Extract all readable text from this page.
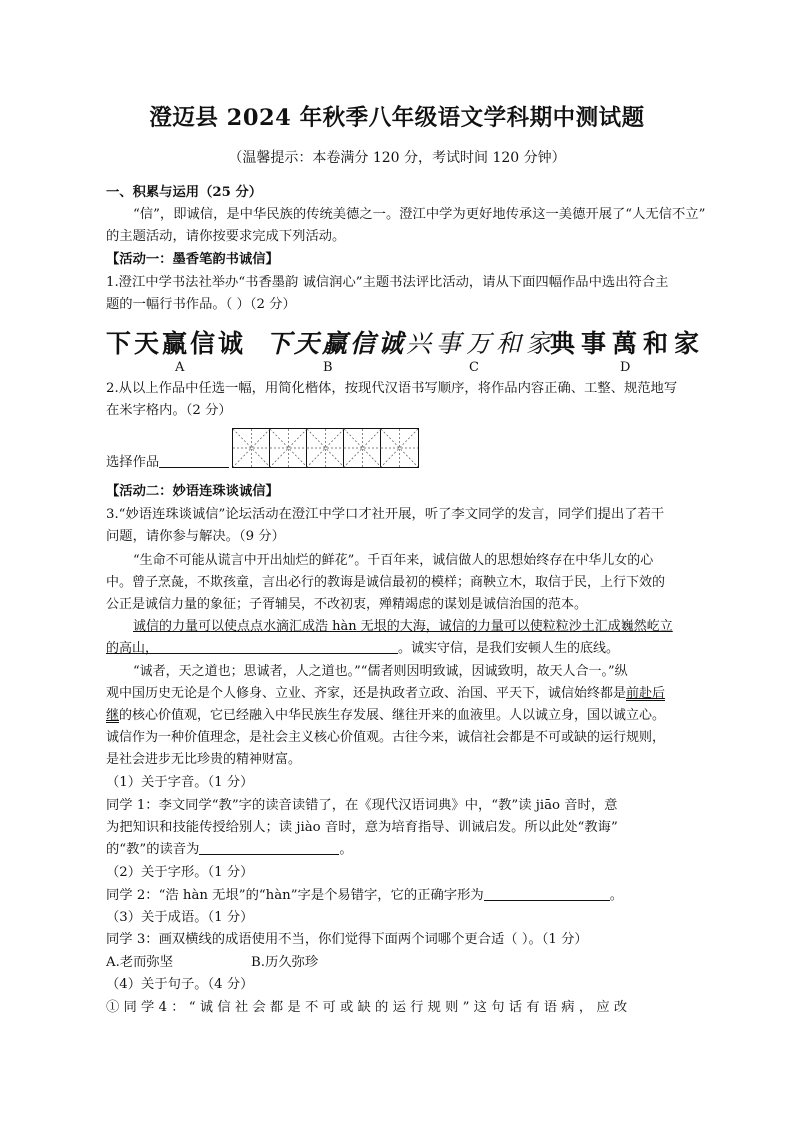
澄迈县 2024 年秋季八年级语文学科期中测试题
（温馨提示：本卷满分 120 分，考试时间 120 分钟）
一、积累与运用（25 分）
“信”，即诚信，是中华民族的传统美德之一。澄江中学为更好地传承这一美德开展了“人无信不立”
的主题活动，请你按要求完成下列活动。
【活动一：墨香笔韵书诚信】
1.澄江中学书法社举办“书香墨韵 诚信润心”主题书法评比活动，请从下面四幅作品中选出符合主
题的一幅行书作品。（ ）（2 分）
下天赢信诚 下天赢信诚 兴事万和家
典事萬和家
A	B	C	D
2.从以上作品中任选一幅，用简化楷体，按现代汉语书写顺序，将作品内容正确、工整、规范地写
在米字格内。（2 分）
选择作品
【活动二：妙语连珠谈诚信】
3.“妙语连珠谈诚信”论坛活动在澄江中学口才社开展，听了李文同学的发言，同学们提出了若干
问题，请你参与解决。（9 分）
“生命不可能从谎言中开出灿烂的鲜花”。千百年来，诚信做人的思想始终存在中华儿女的心
中。曾子烹彘，不欺孩童，言出必行的教诲是诚信最初的模样；商鞅立木，取信于民，上行下效的
公正是诚信力量的象征；子胥辅吴，不改初衷，殚精竭虑的谋划是诚信治国的范本。
诚信的力量可以使点点水滴汇成浩 hàn 无垠的大海，诚信的力量可以使粒粒沙土汇成巍然屹立
的高山，	。诚实守信，是我们安顿人生的底线。
“诚者，天之道也；思诚者，人之道也。”“儒者则因明致诚，因诚致明，故天人合一。”纵
观中国历史无论是个人修身、立业、齐家，还是执政者立政、治国、平天下，诚信始终都是前赴后
继的核心价值观，它已经融入中华民族生存发展、继往开来的血液里。人以诚立身，国以诚立心。
诚信作为一种价值理念，是社会主义核心价值观。古往今来，诚信社会都是不可或缺的运行规则，
是社会进步无比珍贵的精神财富。
（1）关于字音。（1 分）
同学 1：李文同学“教”字的读音读错了，在《现代汉语词典》中，“教”读 jiāo 音时，意
为把知识和技能传授给别人；读 jiào 音时，意为培育指导、训诫启发。所以此处“教诲”
的“教”的读音为	。
（2）关于字形。（1 分）
同学 2：“浩 hàn 无垠”的“hàn”字是个易错字，它的正确字形为	。
（3）关于成语。（1 分）
同学 3：画双横线的成语使用不当，你们觉得下面两个词哪个更合适（ ）。（1 分）
A.老而弥坚	B.历久弥珍
（4）关于句子。（4 分）
① 同 学 4 ： “ 诚 信 社 会 都 是 不 可 或 缺 的 运 行 规 则 ” 这 句 话 有 语 病 ， 应 改
